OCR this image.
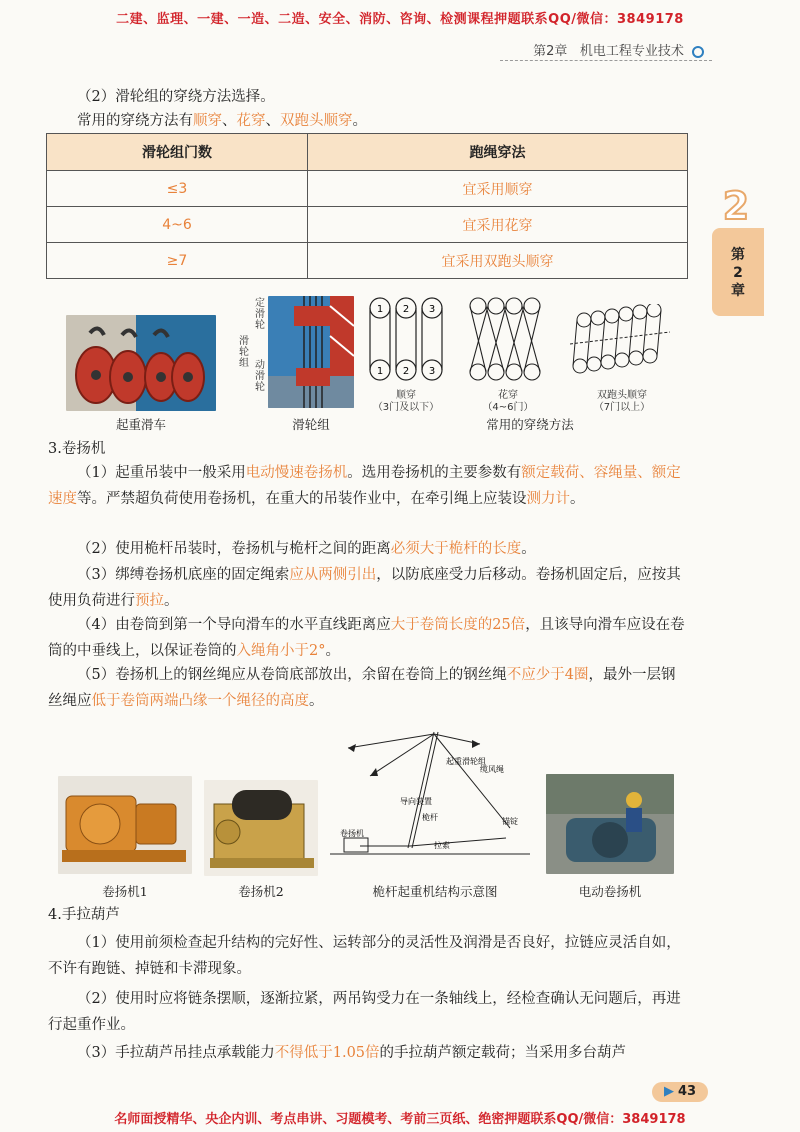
二建、监理、一建、一造、二造、安全、消防、咨询、检测课程押题联系QQ/微信：3849178
第2章 机电工程专业技术
2
第
2
章
（2）滑轮组的穿绕方法选择。
常用的穿绕方法有顺穿、花穿、双跑头顺穿。
滑轮组门数	跑绳穿法
≤3	宜采用顺穿
4~6	宜采用花穿
≥7	宜采用双跑头顺穿
起重滑车
定滑轮
滑轮组 动滑轮
滑轮组
1 2 3
1 2 3
顺穿
（3门及以下）
花穿
（4~6门）
双跑头顺穿
（7门以上）
常用的穿绕方法
3.卷扬机
（1）起重吊装中一般采用电动慢速卷扬机。选用卷扬机的主要参数有额定载荷、容绳量、额定速度等。严禁超负荷使用卷扬机，在重大的吊装作业中，在牵引绳上应装设测力计。
（2）使用桅杆吊装时，卷扬机与桅杆之间的距离必须大于桅杆的长度。
（3）绑缚卷扬机底座的固定绳索应从两侧引出，以防底座受力后移动。卷扬机固定后，应按其使用负荷进行预拉。
（4）由卷筒到第一个导向滑车的水平直线距离应大于卷筒长度的25倍，且该导向滑车应设在卷筒的中垂线上，以保证卷筒的入绳角小于2°。
（5）卷扬机上的钢丝绳应从卷筒底部放出，余留在卷筒上的钢丝绳不应少于4圈，最外一层钢丝绳应低于卷筒两端凸缘一个绳径的高度。
卷扬机1	卷扬机2
卷扬机
导向装置
桅杆
起重滑轮组
缆风绳
锚锭
拉索
桅杆起重机结构示意图	电动卷扬机
4.手拉葫芦
（1）使用前须检查起升结构的完好性、运转部分的灵活性及润滑是否良好，拉链应灵活自如，不许有跑链、掉链和卡滞现象。
（2）使用时应将链条摆顺，逐渐拉紧，两吊钩受力在一条轴线上，经检查确认无问题后，再进行起重作业。
（3）手拉葫芦吊挂点承载能力不得低于1.05倍的手拉葫芦额定载荷；当采用多台葫芦
▶ 43
名师面授精华、央企内训、考点串讲、习题模考、考前三页纸、绝密押题联系QQ/微信：3849178
